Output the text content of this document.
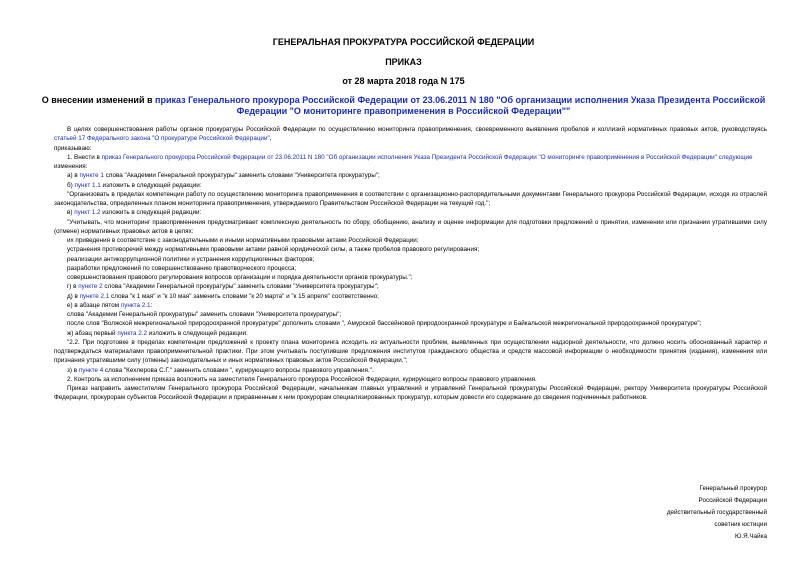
ГЕНЕРАЛЬНАЯ ПРОКУРАТУРА РОССИЙСКОЙ ФЕДЕРАЦИИ
ПРИКАЗ
от 28 марта 2018 года N 175
О внесении изменений в приказ Генерального прокурора Российской Федерации от 23.06.2011 N 180 "Об организации исполнения Указа Президента Российской Федерации "О мониторинге правоприменения в Российской Федерации""

В целях совершенствования работы органов прокуратуры Российской Федерации по осуществлению мониторинга правоприменения, своевременного выявления пробелов и коллизий нормативных правовых актов, руководствуясь статьей 17 Федерального закона "О прокуратуре Российской Федерации",

приказываю:

1. Внести в приказ Генерального прокурора Российской Федерации от 23.06.2011 N 180 "Об организации исполнения Указа Президента Российской Федерации "О мониторинге правоприменения в Российской Федерации" следующие изменения:

а) в пункте 1 слова "Академии Генеральной прокуратуры" заменить словами "Университета прокуратуры";

б) пункт 1.1 изложить в следующей редакции:

"Организовать в пределах компетенции работу по осуществлению мониторинга правоприменения в соответствии с организационно-распорядительными документами Генерального прокурора Российской Федерации, исходя из отраслей законодательства, определенных планом мониторинга правоприменения, утверждаемого Правительством Российской Федерации на текущий год.";

в) пункт 1.2 изложить в следующей редакции:

"Учитывать, что мониторинг правоприменения предусматривает комплексную деятельность по сбору, обобщению, анализу и оценке информации для подготовки предложений о принятии, изменении или признании утратившими силу (отмене) нормативных правовых актов в целях:

их приведения в соответствие с законодательными и иными нормативными правовыми актами Российской Федерации;

устранения противоречий между нормативными правовыми актами равной юридической силы, а также пробелов правового регулирования;

реализации антикоррупционной политики и устранения коррупциогенных факторов;

разработки предложений по совершенствованию правотворческого процесса;

совершенствования правового регулирования вопросов организации и порядка деятельности органов прокуратуры.";

г) в пункте 2 слова "Академии Генеральной прокуратуры" заменить словами "Университета прокуратуры";

д) в пункте 2.1 слова "к 1 мая" и "к 10 мая" заменить словами "к 20 марта" и "к 15 апреля" соответственно;

е) в абзаце пятом пункта 2.1:

слова "Академии Генеральной прокуратуры" заменить словами "Университета прокуратуры";

после слов "Волжской межрегиональной природоохранной прокуратуре" дополнить словами ", Амурской бассейновой природоохранной прокуратуре и Байкальской межрегиональной природоохранной прокуратуре";

ж) абзац первый пункта 2.2 изложить в следующей редакции:

"2.2. При подготовке в пределах компетенции предложений к проекту плана мониторинга исходить из актуальности проблем, выявленных при осуществлении надзорной деятельности, что должно носить обоснованный характер и подтверждаться материалами правоприменительной практики. При этом учитывать поступившие предложения институтов гражданского общества и средств массовой информации о необходимости принятия (издания), изменения или признания утратившими силу (отмены) законодательных и иных нормативных правовых актов Российской Федерации.";

з) в пункте 4 слова "Кехлерова С.Г." заменить словами ", курирующего вопросы правового управления.".

2. Контроль за исполнением приказа возложить на заместителя Генерального прокурора Российской Федерации, курирующего вопросы правового управления.

Приказ направить заместителям Генерального прокурора Российской Федерации, начальникам главных управлений и управлений Генеральной прокуратуры Российской Федерации, ректору Университета прокуратуры Российской Федерации, прокурорам субъектов Российской Федерации и приравненным к ним прокурорам специализированных прокуратур, которым довести его содержание до сведения подчиненных работников.

Генеральный прокурор
Российской Федерации
действительный государственный
советник юстиции
Ю.Я.Чайка
